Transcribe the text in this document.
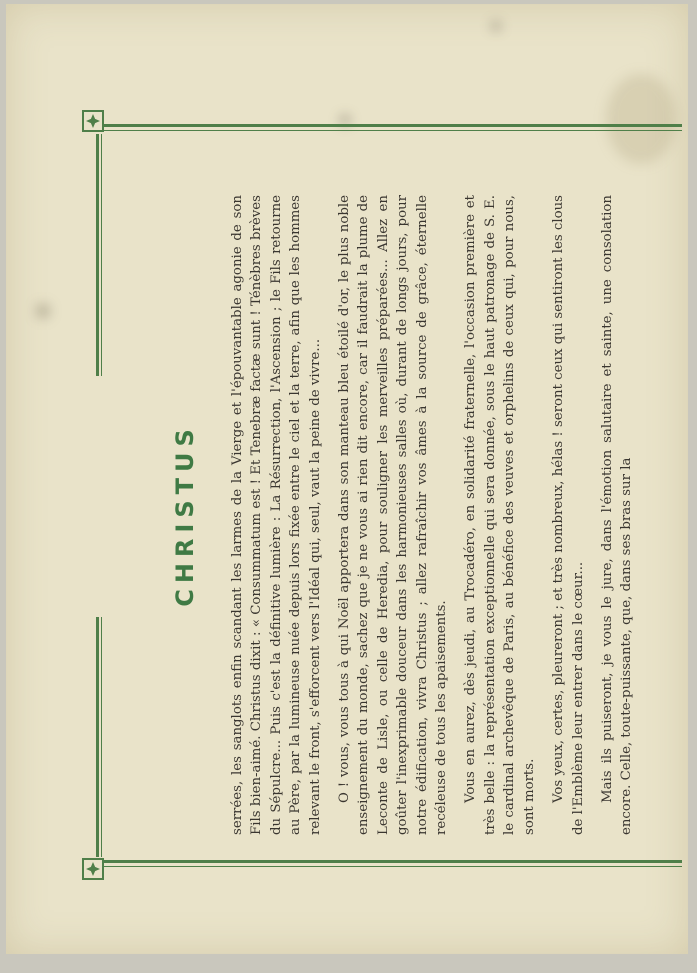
CHRISTUS	serrées, les sanglots enfin scandant les larmes de la Vierge et l'épouvantable agonie de son Fils bien-aimé. Christus dixit : « Consummatum est ! Et Tenebræ factæ sunt ! Ténèbres brèves du Sépulcre... Puis c'est la définitive lumière : La Résurrection, l'Ascension ; le Fils retourne au Père, par la lumineuse nuée depuis lors fixée entre le ciel et la terre, afin que les hommes relevant le front, s'efforcent vers l'Idéal qui, seul, vaut la peine de vivre... O ! vous, vous tous à qui Noël apportera dans son manteau bleu étoilé d'or, le plus noble enseignement du monde, sachez que je ne vous ai rien dit encore, car il faudrait la plume de Leconte de Lisle, ou celle de Heredia, pour souligner les merveilles préparées... Allez en goûter l'inexprimable douceur dans les harmonieuses salles où, durant de longs jours, pour notre édification, vivra Christus ; allez rafraîchir vos âmes à la source de grâce, éternelle recéleuse de tous les apaisements. Vous en aurez, dès jeudi, au Trocadéro, en solidarité fraternelle, l'occasion première et très belle : la représentation exceptionnelle qui sera donnée, sous le haut patronage de S. E. le cardinal archevêque de Paris, au bénéfice des veuves et orphelins de ceux qui, pour nous, sont morts. Vos yeux, certes, pleureront ; et très nombreux, hélas ! seront ceux qui sentiront les clous de l'Emblème leur entrer dans le cœur... Mais ils puiseront, je vous le jure, dans l'émotion salutaire et sainte, une consolation encore. Celle, toute-puissante, que, dans ses bras sur la
